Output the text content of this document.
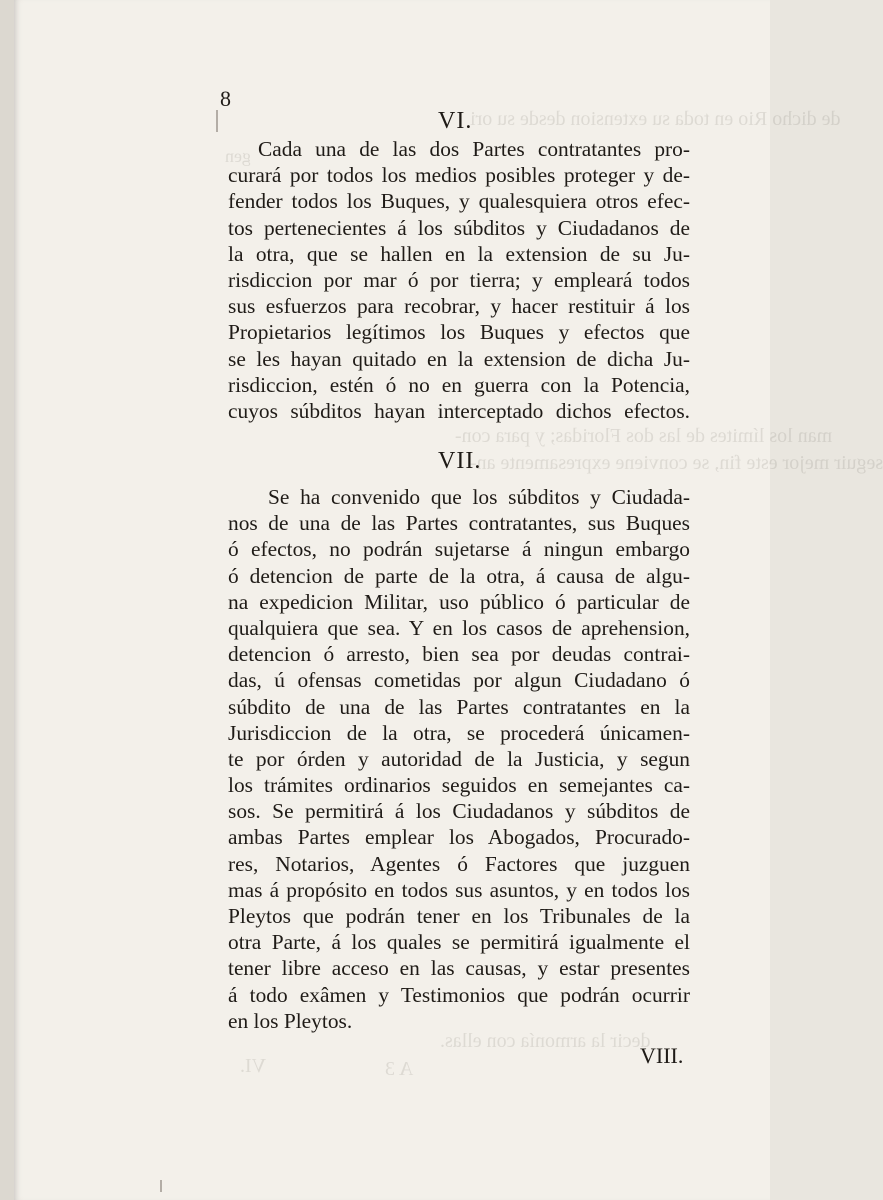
de dicho Rio en toda su extension desde su ori
gen
man los límites de las dos Floridas; y para con-
seguir mejor este fin, se conviene expresamente an-
decir la armonía con ellas.
VI.	A 3
8
VI.
Cada una de las dos Partes contratantes pro-
curará por todos los medios posibles proteger y de-
fender todos los Buques, y qualesquiera otros efec-
tos pertenecientes á los súbditos y Ciudadanos de
la otra, que se hallen en la extension de su Ju-
risdiccion por mar ó por tierra; y empleará todos
sus esfuerzos para recobrar, y hacer restituir á los
Propietarios legítimos los Buques y efectos que
se les hayan quitado en la extension de dicha Ju-
risdiccion, estén ó no en guerra con la Potencia,
cuyos súbditos hayan interceptado dichos efectos.
VII.
Se ha convenido que los súbditos y Ciudada-
nos de una de las Partes contratantes, sus Buques
ó efectos, no podrán sujetarse á ningun embargo
ó detencion de parte de la otra, á causa de algu-
na expedicion Militar, uso público ó particular de
qualquiera que sea. Y en los casos de aprehension,
detencion ó arresto, bien sea por deudas contrai-
das, ú ofensas cometidas por algun Ciudadano ó
súbdito de una de las Partes contratantes en la
Jurisdiccion de la otra, se procederá únicamen-
te por órden y autoridad de la Justicia, y segun
los trámites ordinarios seguidos en semejantes ca-
sos. Se permitirá á los Ciudadanos y súbditos de
ambas Partes emplear los Abogados, Procurado-
res, Notarios, Agentes ó Factores que juzguen
mas á propósito en todos sus asuntos, y en todos los
Pleytos que podrán tener en los Tribunales de la
otra Parte, á los quales se permitirá igualmente el
tener libre acceso en las causas, y estar presentes
á todo exâmen y Testimonios que podrán ocurrir
en los Pleytos.
VIII.
